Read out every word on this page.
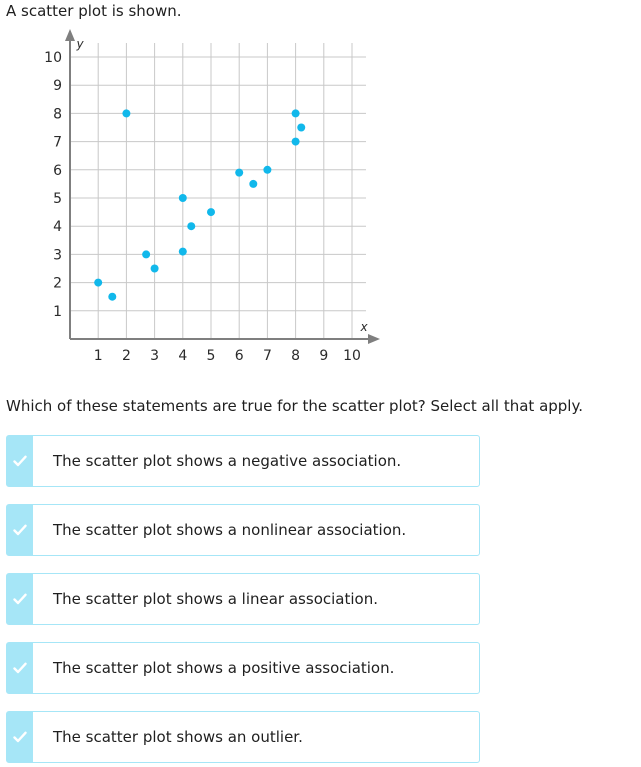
A scatter plot is shown.
x
y
1 2 3 4 5 6 7 8 9 10
1
2
3
4
5
6
7
8
9
10
Which of these statements are true for the scatter plot? Select all that apply.
The scatter plot shows a negative association.
The scatter plot shows a nonlinear association.
The scatter plot shows a linear association.
The scatter plot shows a positive association.
The scatter plot shows an outlier.
